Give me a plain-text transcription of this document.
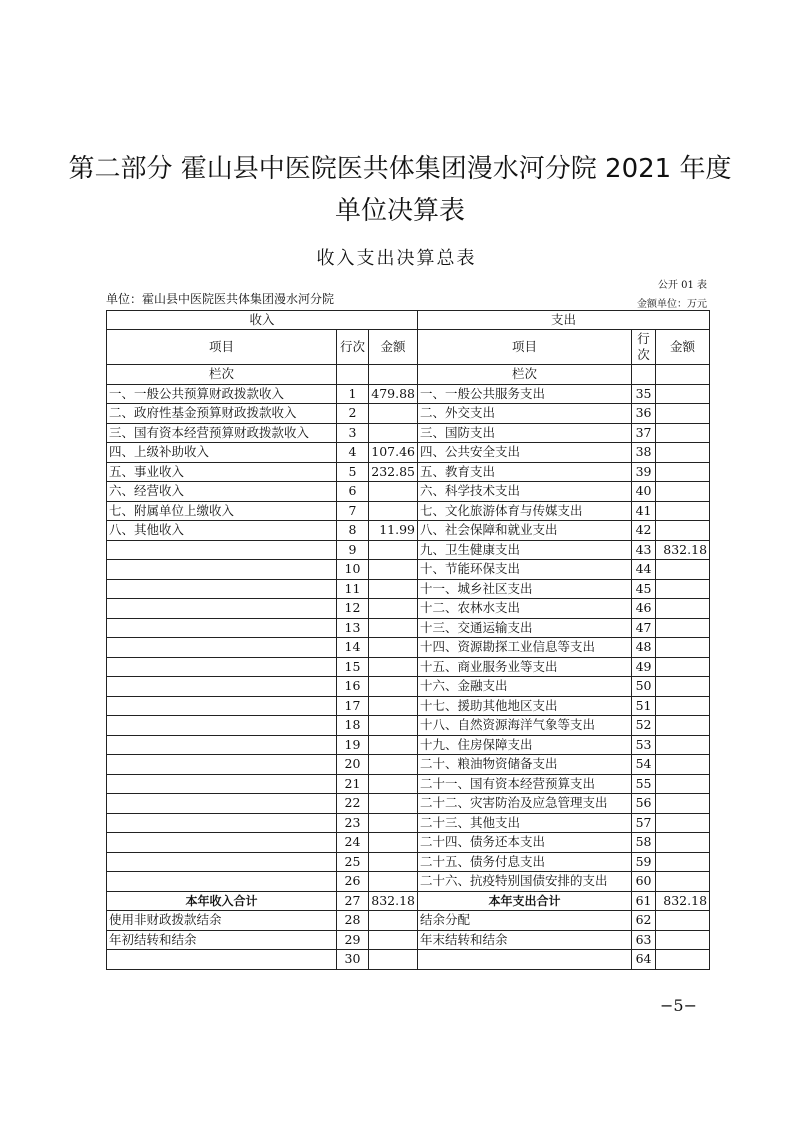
第二部分 霍山县中医院医共体集团漫水河分院 2021 年度单位决算表
收入支出决算总表
公开 01 表
单位：霍山县中医院医共体集团漫水河分院	金额单位：万元
收入			支出		
项目	行次	金额	项目	行次	金额
栏次			栏次		
一、一般公共预算财政拨款收入	1	479.88	一、一般公共服务支出	35	
二、政府性基金预算财政拨款收入	2		二、外交支出	36	
三、国有资本经营预算财政拨款收入	3		三、国防支出	37	
四、上级补助收入	4	107.46	四、公共安全支出	38	
五、事业收入	5	232.85	五、教育支出	39	
六、经营收入	6		六、科学技术支出	40	
七、附属单位上缴收入	7		七、文化旅游体育与传媒支出	41	
八、其他收入	8	11.99	八、社会保障和就业支出	42	
	9		九、卫生健康支出	43	832.18
	10		十、节能环保支出	44	
	11		十一、城乡社区支出	45	
	12		十二、农林水支出	46	
	13		十三、交通运输支出	47	
	14		十四、资源勘探工业信息等支出	48	
	15		十五、商业服务业等支出	49	
	16		十六、金融支出	50	
	17		十七、援助其他地区支出	51	
	18		十八、自然资源海洋气象等支出	52	
	19		十九、住房保障支出	53	
	20		二十、粮油物资储备支出	54	
	21		二十一、国有资本经营预算支出	55	
	22		二十二、灾害防治及应急管理支出	56	
	23		二十三、其他支出	57	
	24		二十四、债务还本支出	58	
	25		二十五、债务付息支出	59	
	26		二十六、抗疫特别国债安排的支出	60	
本年收入合计	27	832.18	本年支出合计	61	832.18
使用非财政拨款结余	28		结余分配	62	
年初结转和结余	29		年末结转和结余	63	
	30			64	
−5−
